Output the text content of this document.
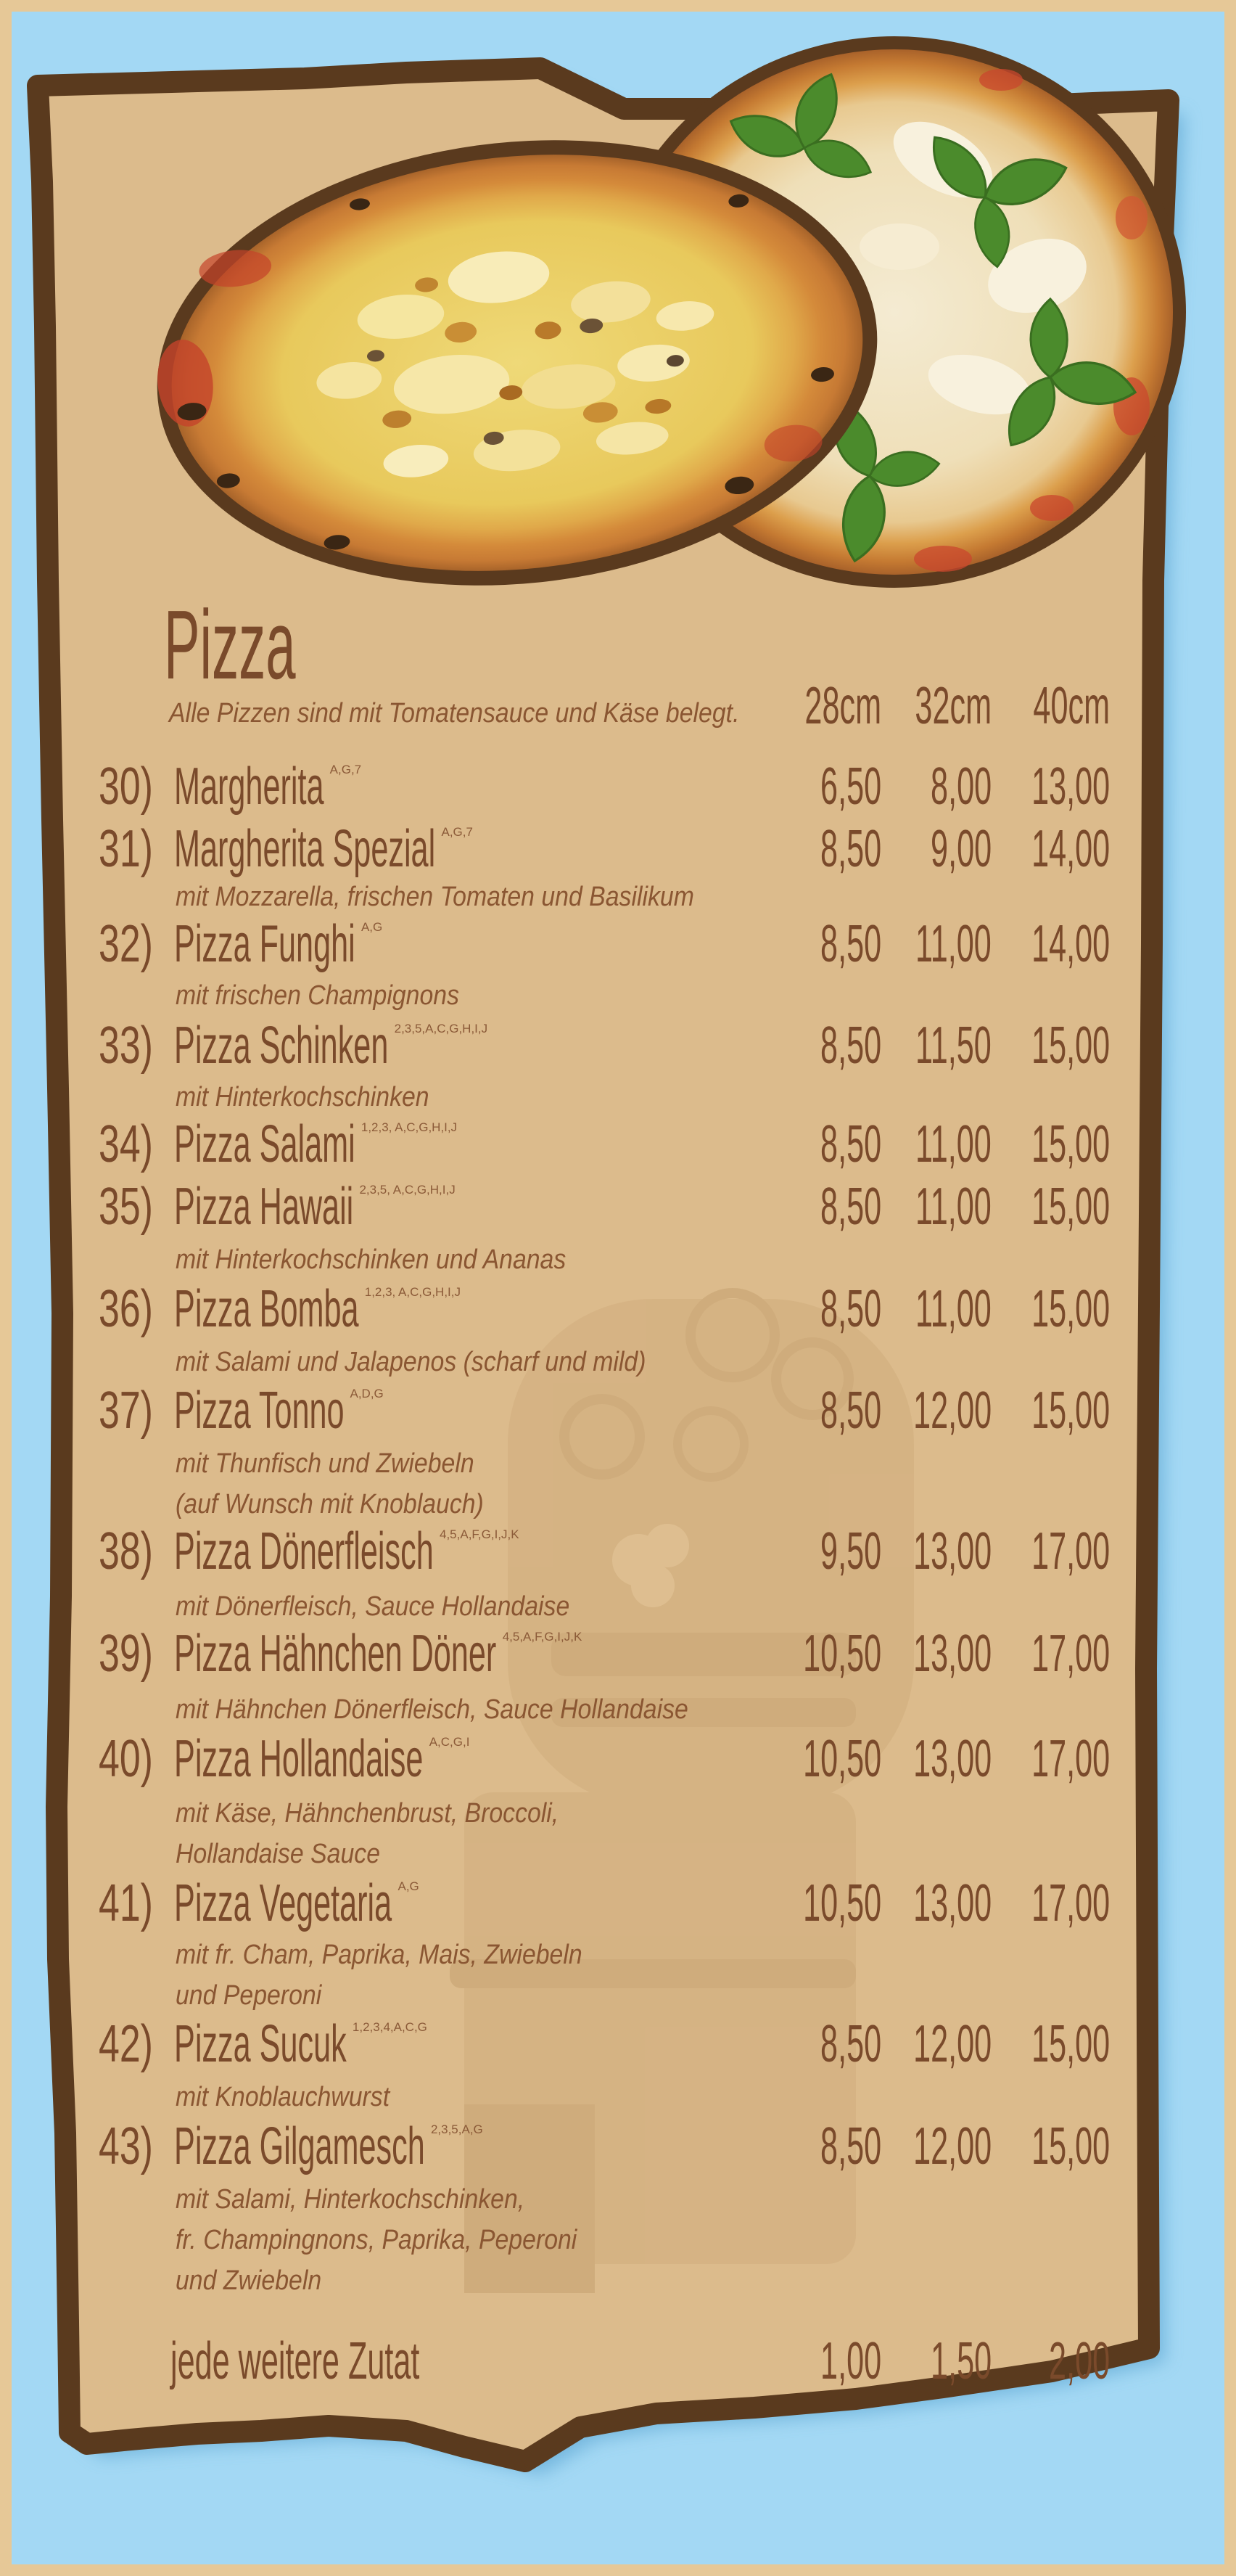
Pizza
Alle Pizzen sind mit Tomatensauce und Käse belegt.	28cm 32cm 40cm
30) Margherita A,G,7	6,50 8,00 13,00
31) Margherita Spezial A,G,7	8,50 9,00 14,00
mit Mozzarella, frischen Tomaten und Basilikum
32) Pizza Funghi A,G	8,50 11,00 14,00
mit frischen Champignons
33) Pizza Schinken 2,3,5,A,C,G,H,I,J	8,50 11,50 15,00
mit Hinterkochschinken
34) Pizza Salami 1,2,3, A,C,G,H,I,J	8,50 11,00 15,00
35) Pizza Hawaii 2,3,5, A,C,G,H,I,J	8,50 11,00 15,00
mit Hinterkochschinken und Ananas
36) Pizza Bomba 1,2,3, A,C,G,H,I,J	8,50 11,00 15,00
mit Salami und Jalapenos (scharf und mild)
37) Pizza Tonno A,D,G	8,50 12,00 15,00
mit Thunfisch und Zwiebeln
(auf Wunsch mit Knoblauch)
38) Pizza Dönerfleisch 4,5,A,F,G,I,J,K	9,50 13,00 17,00
mit Dönerfleisch, Sauce Hollandaise
39) Pizza Hähnchen Döner 4,5,A,F,G,I,J,K	10,50 13,00 17,00
mit Hähnchen Dönerfleisch, Sauce Hollandaise
40) Pizza Hollandaise A,C,G,I	10,50 13,00 17,00
mit Käse, Hähnchenbrust, Broccoli,
Hollandaise Sauce
41) Pizza Vegetaria A,G	10,50 13,00 17,00
mit fr. Cham, Paprika, Mais, Zwiebeln
und Peperoni
42) Pizza Sucuk 1,2,3,4,A,C,G	8,50 12,00 15,00
mit Knoblauchwurst
43) Pizza Gilgamesch 2,3,5,A,G	8,50 12,00 15,00
mit Salami, Hinterkochschinken,
fr. Champingnons, Paprika, Peperoni
und Zwiebeln
jede weitere Zutat	1,00 1,50	2,00
